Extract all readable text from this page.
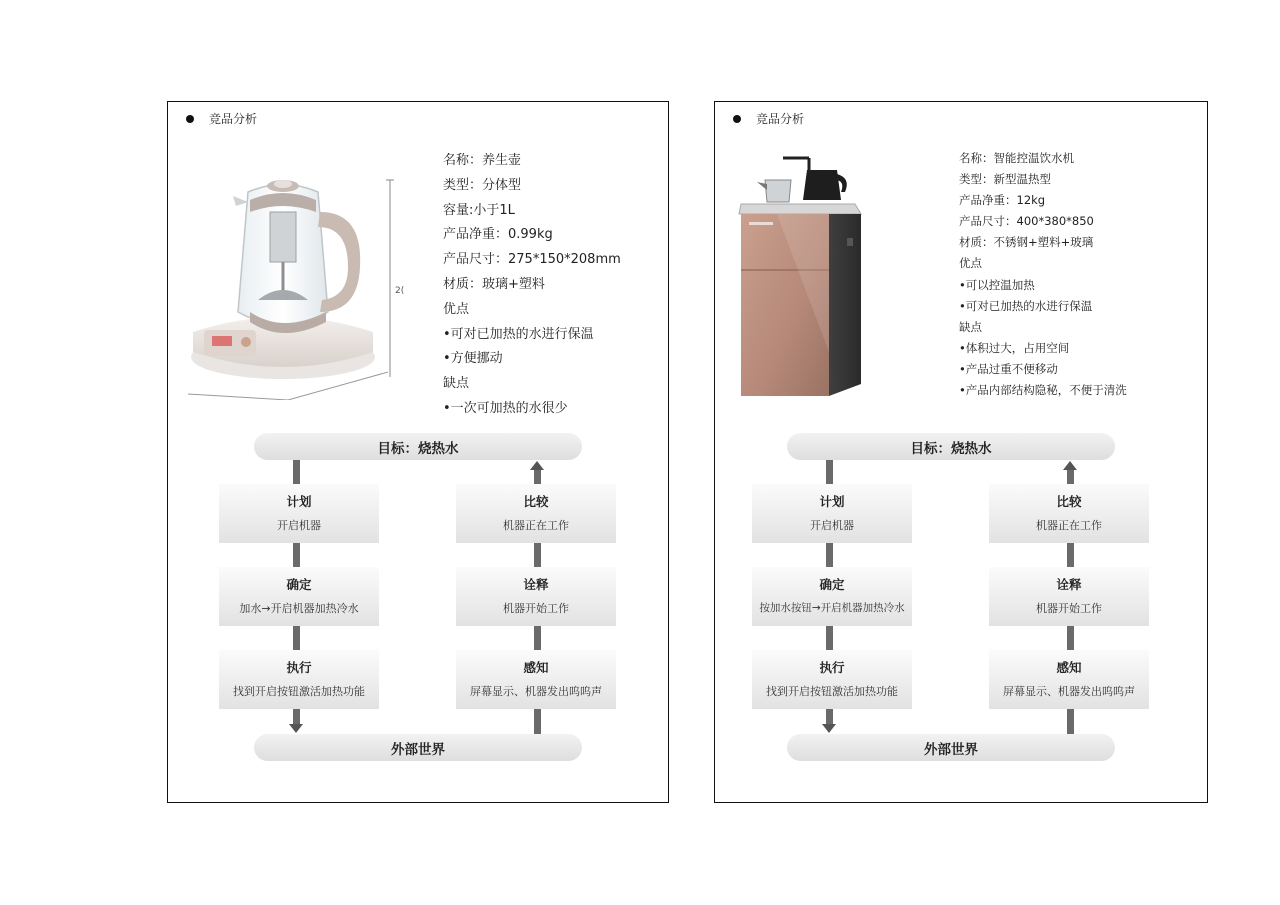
竞品分析
2(
名称：养生壶
类型：分体型
容量:小于1L
产品净重：0.99kg
产品尺寸：275*150*208mm
材质：玻璃+塑料
优点
•可对已加热的水进行保温
•方便挪动
缺点
•一次可加热的水很少
目标：烧热水
计划
开启机器
确定
加水→开启机器加热冷水
执行
找到开启按钮激活加热功能
比较
机器正在工作
诠释
机器开始工作
感知
屏幕显示、机器发出呜呜声
外部世界
竞品分析
名称：智能控温饮水机
类型：新型温热型
产品净重：12kg
产品尺寸：400*380*850
材质：不锈钢+塑料+玻璃
优点
•可以控温加热
•可对已加热的水进行保温
缺点
•体积过大，占用空间
•产品过重不便移动
•产品内部结构隐秘，不便于清洗
目标：烧热水
计划
开启机器
确定
按加水按钮→开启机器加热冷水
执行
找到开启按钮激活加热功能
比较
机器正在工作
诠释
机器开始工作
感知
屏幕显示、机器发出呜呜声
外部世界
